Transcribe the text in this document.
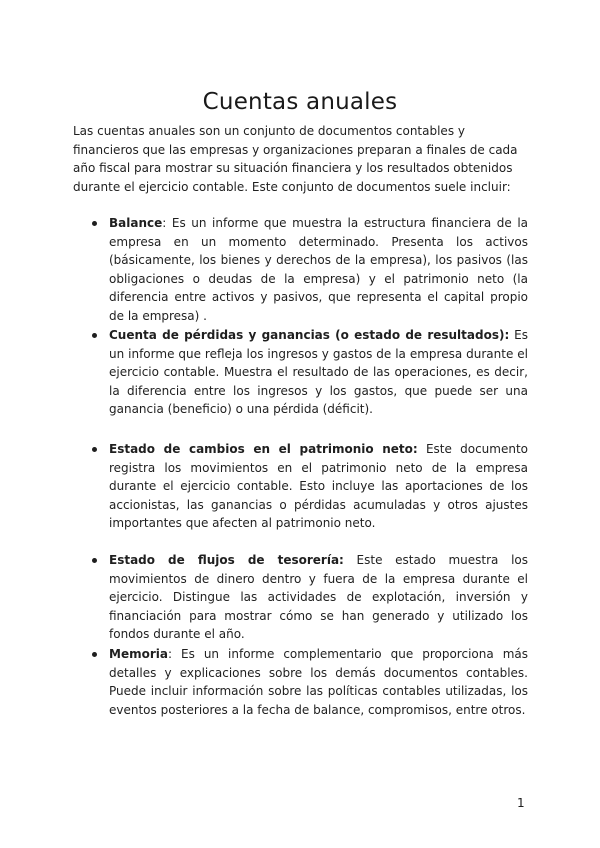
Cuentas anuales

Las cuentas anuales son un conjunto de documentos contables y financieros que las empresas y organizaciones preparan a finales de cada año fiscal para mostrar su situación financiera y los resultados obtenidos durante el ejercicio contable. Este conjunto de documentos suele incluir:

Balance: Es un informe que muestra la estructura financiera de la empresa en un momento determinado. Presenta los activos (básicamente, los bienes y derechos de la empresa), los pasivos (las obligaciones o deudas de la empresa) y el patrimonio neto (la diferencia entre activos y pasivos, que representa el capital propio de la empresa) .
Cuenta de pérdidas y ganancias (o estado de resultados): Es un informe que refleja los ingresos y gastos de la empresa durante el ejercicio contable. Muestra el resultado de las operaciones, es decir, la diferencia entre los ingresos y los gastos, que puede ser una ganancia (beneficio) o una pérdida (déficit).
Estado de cambios en el patrimonio neto: Este documento registra los movimientos en el patrimonio neto de la empresa durante el ejercicio contable. Esto incluye las aportaciones de los accionistas, las ganancias o pérdidas acumuladas y otros ajustes importantes que afecten al patrimonio neto.
Estado de flujos de tesorería: Este estado muestra los movimientos de dinero dentro y fuera de la empresa durante el ejercicio. Distingue las actividades de explotación, inversión y financiación para mostrar cómo se han generado y utilizado los fondos durante el año.
Memoria: Es un informe complementario que proporciona más detalles y explicaciones sobre los demás documentos contables. Puede incluir información sobre las políticas contables utilizadas, los eventos posteriores a la fecha de balance, compromisos, entre otros.
1
